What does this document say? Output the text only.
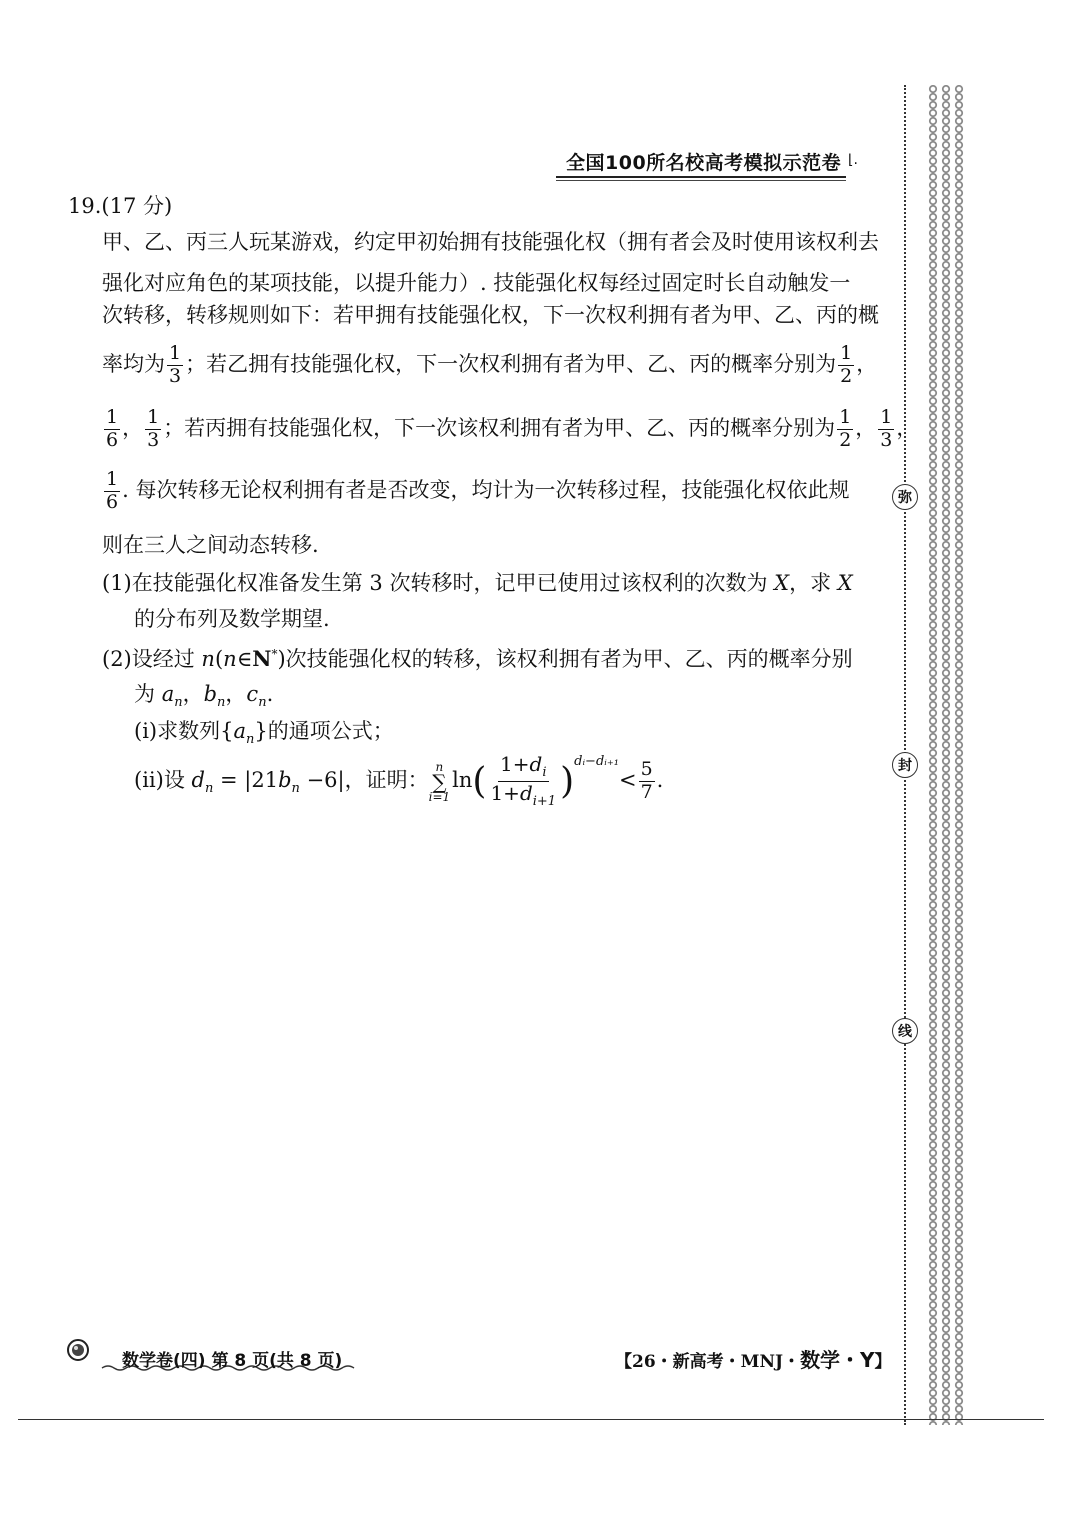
全国100所名校高考模拟示范卷 ⌊.
19.(17 分)
甲、乙、丙三人玩某游戏，约定甲初始拥有技能强化权（拥有者会及时使用该权利去
强化对应角色的某项技能，以提升能力）. 技能强化权每经过固定时长自动触发一
次转移，转移规则如下：若甲拥有技能强化权，下一次权利拥有者为甲、乙、丙的概
率均为 $\frac{1}{3}$ ；若乙拥有技能强化权，下一次权利拥有者为甲、乙、丙的概率分别为 $\frac{1}{2}$ ，
$\frac{1}{6}$ ， $\frac{1}{3}$ ；若丙拥有技能强化权，下一次该权利拥有者为甲、乙、丙的概率分别为 $\frac{1}{2}$ ， $\frac{1}{3}$ ，
$\frac{1}{6}$ . 每次转移无论权利拥有者是否改变，均计为一次转移过程，技能强化权依此规
则在三人之间动态转移.
(1)在技能强化权准备发生第 3 次转移时，记甲已使用过该权利的次数为 X，求 X
的分布列及数学期望.
(2)设经过 n(n∈N*)次技能强化权的转移，该权利拥有者为甲、乙、丙的概率分别
为 $a_n$，$b_n$，$c_n$.
(ⅰ)求数列$\{a_n\}$的通项公式；
(ⅱ)设 $d_n = |21b_n -6|$，证明：
n
∑
i=1
$\ln( \frac{1+d_i}{1+d_{i+1}} )^{dᵢ-dᵢ_{+1}}< \frac{5}{7}$ .
弥
封
线
数学卷(四) 第 8 页(共 8 页)	【26・新高考・MNJ・数学・Y】
